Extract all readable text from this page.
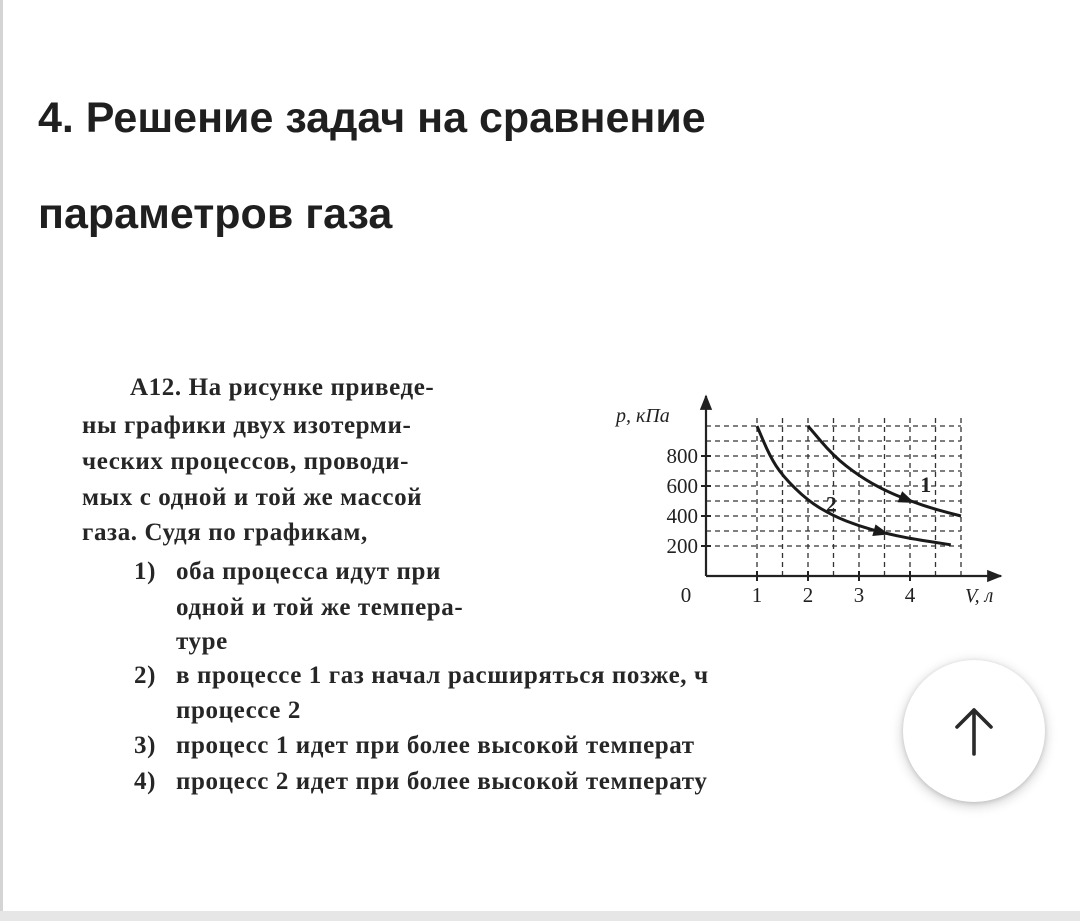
4. Решение задач на сравнение
параметров газа
А12. На рисунке приведе-
ны графики двух изотерми-
ческих процессов, проводи-
мых с одной и той же массой
газа. Судя по графикам,
1) оба процесса идут при
одной и той же темпера-
туре
2) в процессе 1 газ начал расширяться позже, ч
процессе 2
3) процесс 1 идет при более высокой температ
4) процесс 2 идет при более высокой температу
200
400
600
800
0	1 2 3 4
1
2
p, кПа
V, л
